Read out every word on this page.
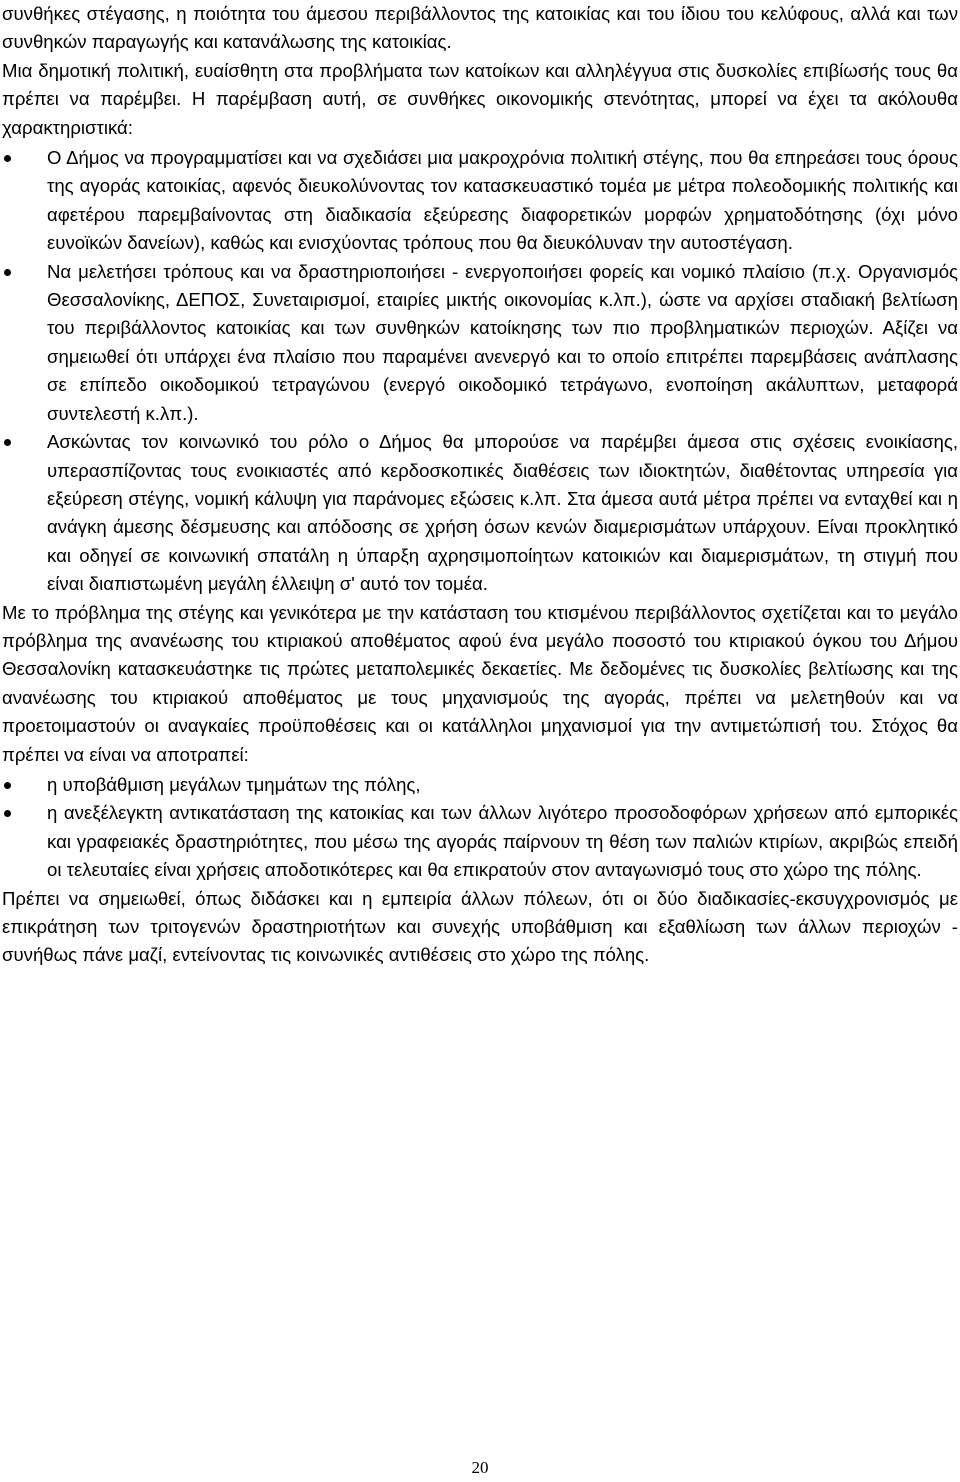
συνθήκες στέγασης, η ποιότητα του άμεσου περιβάλλοντος της κατοικίας και του ίδιου του κελύφους, αλλά και των συνθηκών παραγωγής και κατανάλωσης της κατοικίας.

Μια δημοτική πολιτική, ευαίσθητη στα προβλήματα των κατοίκων και αλληλέγγυα στις δυσκολίες επιβίωσής τους θα πρέπει να παρέμβει. Η παρέμβαση αυτή, σε συνθήκες οικονομικής στενότητας, μπορεί να έχει τα ακόλουθα χαρακτηριστικά:

Ο Δήμος να προγραμματίσει και να σχεδιάσει μια μακροχρόνια πολιτική στέγης, που θα επηρεάσει τους όρους της αγοράς κατοικίας, αφενός διευκολύνοντας τον κατασκευαστικό τομέα με μέτρα πολεοδομικής πολιτικής και αφετέρου παρεμβαίνοντας στη διαδικασία εξεύρεσης διαφορετικών μορφών χρηματοδότησης (όχι μόνο ευνοϊκών δανείων), καθώς και ενισχύοντας τρόπους που θα διευκόλυναν την αυτοστέγαση.
Να μελετήσει τρόπους και να δραστηριοποιήσει - ενεργοποιήσει φορείς και νομικό πλαίσιο (π.χ. Οργανισμός Θεσσαλονίκης, ΔΕΠΟΣ, Συνεταιρισμοί, εταιρίες μικτής οικονομίας κ.λπ.), ώστε να αρχίσει σταδιακή βελτίωση του περιβάλλοντος κατοικίας και των συνθηκών κατοίκησης των πιο προβληματικών περιοχών. Αξίζει να σημειωθεί ότι υπάρχει ένα πλαίσιο που παραμένει ανενεργό και το οποίο επιτρέπει παρεμβάσεις ανάπλασης σε επίπεδο οικοδομικού τετραγώνου (ενεργό οικοδομικό τετράγωνο, ενοποίηση ακάλυπτων, μεταφορά συντελεστή κ.λπ.).
Ασκώντας τον κοινωνικό του ρόλο ο Δήμος θα μπορούσε να παρέμβει άμεσα στις σχέσεις ενοικίασης, υπερασπίζοντας τους ενοικιαστές από κερδοσκοπικές διαθέσεις των ιδιοκτητών, διαθέτοντας υπηρεσία για εξεύρεση στέγης, νομική κάλυψη για παράνομες εξώσεις κ.λπ. Στα άμεσα αυτά μέτρα πρέπει να ενταχθεί και η ανάγκη άμεσης δέσμευσης και απόδοσης σε χρήση όσων κενών διαμερισμάτων υπάρχουν. Είναι προκλητικό και οδηγεί σε κοινωνική σπατάλη η ύπαρξη αχρησιμοποίητων κατοικιών και διαμερισμάτων, τη στιγμή που είναι διαπιστωμένη μεγάλη έλλειψη σ' αυτό τον τομέα.

Με το πρόβλημα της στέγης και γενικότερα με την κατάσταση του κτισμένου περιβάλλοντος σχετίζεται και το μεγάλο πρόβλημα της ανανέωσης του κτιριακού αποθέματος αφού ένα μεγάλο ποσοστό του κτιριακού όγκου του Δήμου Θεσσαλονίκη κατασκευάστηκε τις πρώτες μεταπολεμικές δεκαετίες. Με δεδομένες τις δυσκολίες βελτίωσης και της ανανέωσης του κτιριακού αποθέματος με τους μηχανισμούς της αγοράς, πρέπει να μελετηθούν και να προετοιμαστούν οι αναγκαίες προϋποθέσεις και οι κατάλληλοι μηχανισμοί για την αντιμετώπισή του. Στόχος θα πρέπει να είναι να αποτραπεί:

η υποβάθμιση μεγάλων τμημάτων της πόλης,
η ανεξέλεγκτη αντικατάσταση της κατοικίας και των άλλων λιγότερο προσοδοφόρων χρήσεων από εμπορικές και γραφειακές δραστηριότητες, που μέσω της αγοράς παίρνουν τη θέση των παλιών κτιρίων, ακριβώς επειδή οι τελευταίες είναι χρήσεις αποδοτικότερες και θα επικρατούν στον ανταγωνισμό τους στο χώρο της πόλης.

Πρέπει να σημειωθεί, όπως διδάσκει και η εμπειρία άλλων πόλεων, ότι οι δύο διαδικασίες-εκσυγχρονισμός με επικράτηση των τριτογενών δραστηριοτήτων και συνεχής υποβάθμιση και εξαθλίωση των άλλων περιοχών - συνήθως πάνε μαζί, εντείνοντας τις κοινωνικές αντιθέσεις στο χώρο της πόλης.

20
